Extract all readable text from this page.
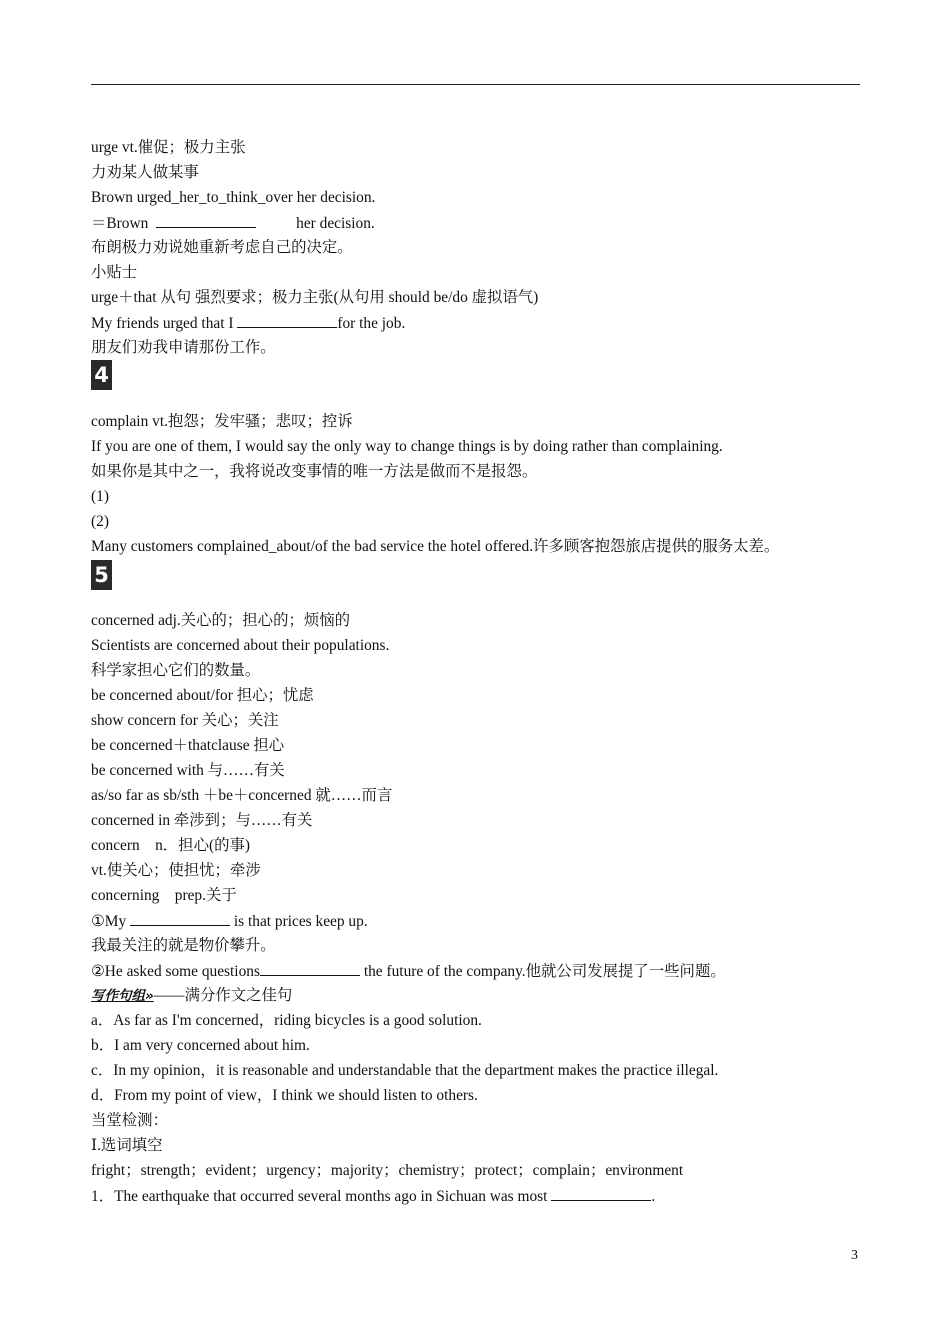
urge vt.催促；极力主张
力劝某人做某事
Brown urged_her_to_think_over her decision.
＝Brown	her decision.
布朗极力劝说她重新考虑自己的决定。
小贴士
urge＋that 从句 强烈要求；极力主张(从句用 should be/do 虚拟语气)
My friends urged that I	for the job.
朋友们劝我申请那份工作。
4
complain vt.抱怨；发牢骚；悲叹；控诉
If you are one of them, I would say the only way to change things is by doing rather than complaining.
如果你是其中之一，我将说改变事情的唯一方法是做而不是报怨。
(1)
(2)
Many customers complained_about/of the bad service the hotel offered.许多顾客抱怨旅店提供的服务太差。
5
concerned adj.关心的；担心的；烦恼的
Scientists are concerned about their populations.
科学家担心它们的数量。
be concerned about/for 担心；忧虑
show concern for 关心；关注
be concerned＋thatclause 担心
be concerned with 与……有关
as/so far as sb/sth ＋be＋concerned 就……而言
concerned in 牵涉到；与……有关
concern　n．担心(的事)
vt.使关心；使担忧；牵涉
concerning　prep.关于
①My	is that prices keep up.
我最关注的就是物价攀升。
②He asked some questions	the future of the company.他就公司发展提了一些问题。
写作句组»——满分作文之佳句
a．As far as I'm concerned，riding bicycles is a good solution.
b．I am very concerned about him.
c．In my opinion，it is reasonable and understandable that the department makes the practice illegal.
d．From my point of view，I think we should listen to others.
当堂检测：
Ⅰ.选词填空
fright；strength；evident；urgency；majority；chemistry；protect；complain；environment
1．The earthquake that occurred several months ago in Sichuan was most	.
3
